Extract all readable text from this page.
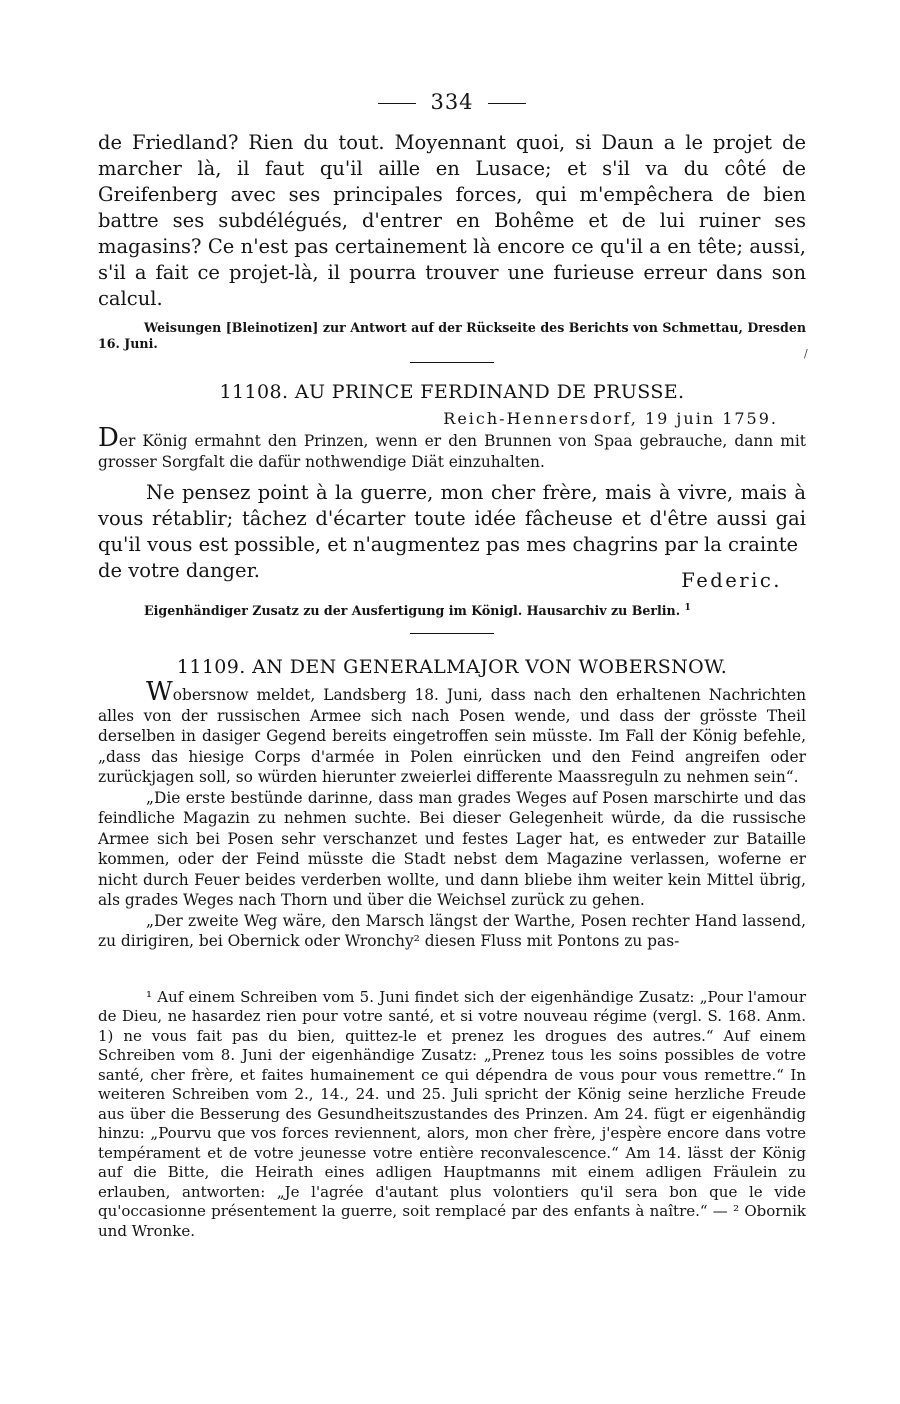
/
334

de Friedland? Rien du tout. Moyennant quoi, si Daun a le projet de marcher là, il faut qu'il aille en Lusace; et s'il va du côté de Greifenberg avec ses principales forces, qui m'empêchera de bien battre ses subdélégués, d'entrer en Bohême et de lui ruiner ses magasins? Ce n'est pas certainement là encore ce qu'il a en tête; aussi, s'il a fait ce projet-là, il pourra trouver une furieuse erreur dans son calcul.

Weisungen [Bleinotizen] zur Antwort auf der Rückseite des Berichts von Schmettau, Dresden 16. Juni.

11108. AU PRINCE FERDINAND DE PRUSSE.
Reich-Hennersdorf, 19 juin 1759.

Der König ermahnt den Prinzen, wenn er den Brunnen von Spaa gebrauche, dann mit grosser Sorgfalt die dafür nothwendige Diät einzuhalten.

Ne pensez point à la guerre, mon cher frère, mais à vivre, mais à vous rétablir; tâchez d'écarter toute idée fâcheuse et d'être aussi gai qu'il vous est possible, et n'augmentez pas mes chagrins par la crainte

de votre danger.	Federic.

Eigenhändiger Zusatz zu der Ausfertigung im Königl. Hausarchiv zu Berlin. $^1$

11109. AN DEN GENERALMAJOR VON WOBERSNOW.

Wobersnow meldet, Landsberg 18. Juni, dass nach den erhaltenen Nachrichten alles von der russischen Armee sich nach Posen wende, und dass der grösste Theil derselben in dasiger Gegend bereits eingetroffen sein müsste. Im Fall der König befehle, „dass das hiesige Corps d'armée in Polen einrücken und den Feind angreifen oder zurückjagen soll, so würden hierunter zweierlei differente Maassreguln zu nehmen sein“.

„Die erste bestünde darinne, dass man grades Weges auf Posen marschirte und das feindliche Magazin zu nehmen suchte. Bei dieser Gelegenheit würde, da die russische Armee sich bei Posen sehr verschanzet und festes Lager hat, es entweder zur Bataille kommen, oder der Feind müsste die Stadt nebst dem Magazine verlassen, woferne er nicht durch Feuer beides verderben wollte, und dann bliebe ihm weiter kein Mittel übrig, als grades Weges nach Thorn und über die Weichsel zurück zu gehen.

„Der zweite Weg wäre, den Marsch längst der Warthe, Posen rechter Hand lassend, zu dirigiren, bei Obernick oder Wronchy² diesen Fluss mit Pontons zu pas-

¹ Auf einem Schreiben vom 5. Juni findet sich der eigenhändige Zusatz: „Pour l'amour de Dieu, ne hasardez rien pour votre santé, et si votre nouveau régime (vergl. S. 168. Anm. 1) ne vous fait pas du bien, quittez-le et prenez les drogues des autres.“ Auf einem Schreiben vom 8. Juni der eigenhändige Zusatz: „Prenez tous les soins possibles de votre santé, cher frère, et faites humainement ce qui dépendra de vous pour vous remettre.“ In weiteren Schreiben vom 2., 14., 24. und 25. Juli spricht der König seine herzliche Freude aus über die Besserung des Gesundheitszustandes des Prinzen. Am 24. fügt er eigenhändig hinzu: „Pourvu que vos forces reviennent, alors, mon cher frère, j'espère encore dans votre tempérament et de votre jeunesse votre entière reconvalescence.“ Am 14. lässt der König auf die Bitte, die Heirath eines adligen Hauptmanns mit einem adligen Fräulein zu erlauben, antworten: „Je l'agrée d'autant plus volontiers qu'il sera bon que le vide qu'occasionne présentement la guerre, soit remplacé par des enfants à naître.“ — ² Obornik und Wronke.
